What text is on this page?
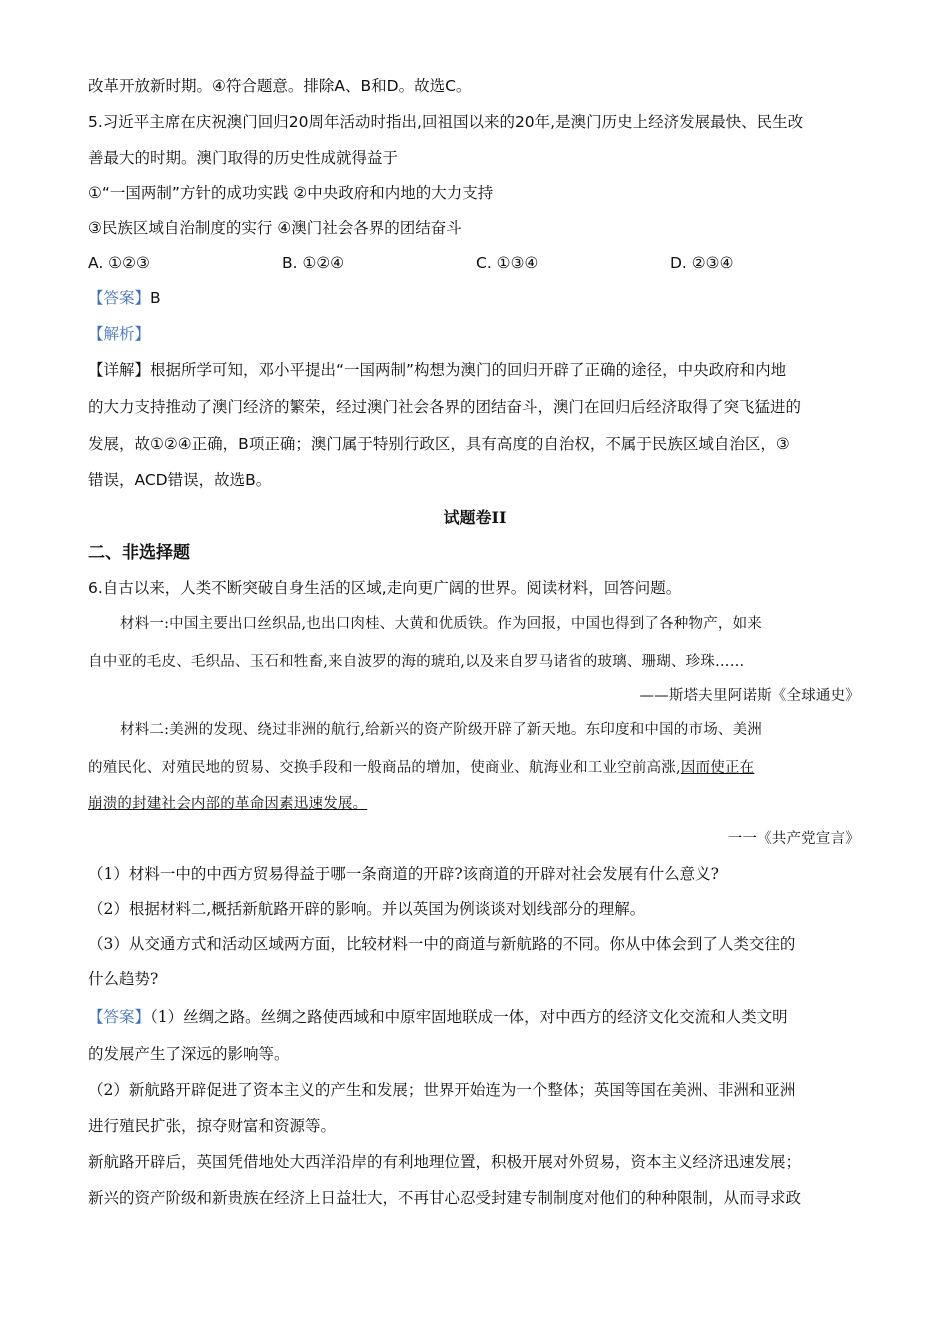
改革开放新时期。④符合题意。排除A、B和D。故选C。
5.习近平主席在庆祝澳门回归20周年活动时指出,回祖国以来的20年,是澳门历史上经济发展最快、民生改
善最大的时期。澳门取得的历史性成就得益于
①“一国两制”方针的成功实践 ②中央政府和内地的大力支持
③民族区域自治制度的实行 ④澳门社会各界的团结奋斗
A. ①②③	B. ①②④	C. ①③④	D. ②③④
【答案】B
【解析】
【详解】根据所学可知，邓小平提出“一国两制”构想为澳门的回归开辟了正确的途径，中央政府和内地
的大力支持推动了澳门经济的繁荣，经过澳门社会各界的团结奋斗，澳门在回归后经济取得了突飞猛进的
发展，故①②④正确，B项正确；澳门属于特别行政区，具有高度的自治权，不属于民族区域自治区，③
错误，ACD错误，故选B。
试题卷II
二、非选择题
6.自古以来，人类不断突破自身生活的区域,走向更广阔的世界。阅读材料，回答问题。
材料一:中国主要出口丝织品,也出口肉桂、大黄和优质铁。作为回报，中国也得到了各种物产，如来
自中亚的毛皮、毛织品、玉石和牲畜,来自波罗的海的琥珀,以及来自罗马诸省的玻璃、珊瑚、珍珠……
——斯塔夫里阿诺斯《全球通史》
材料二:美洲的发现、绕过非洲的航行,给新兴的资产阶级开辟了新天地。东印度和中国的市场、美洲
的殖民化、对殖民地的贸易、交换手段和一般商品的增加，使商业、航海业和工业空前高涨,因而使正在
崩溃的封建社会内部的革命因素迅速发展。
一一《共产党宣言》
（1）材料一中的中西方贸易得益于哪一条商道的开辟?该商道的开辟对社会发展有什么意义?
（2）根据材料二,概括新航路开辟的影响。并以英国为例谈谈对划线部分的理解。
（3）从交通方式和活动区域两方面，比较材料一中的商道与新航路的不同。你从中体会到了人类交往的
什么趋势?
【答案】（1）丝绸之路。丝绸之路使西域和中原牢固地联成一体，对中西方的经济文化交流和人类文明
的发展产生了深远的影响等。
（2）新航路开辟促进了资本主义的产生和发展；世界开始连为一个整体；英国等国在美洲、非洲和亚洲
进行殖民扩张，掠夺财富和资源等。
新航路开辟后，英国凭借地处大西洋沿岸的有利地理位置，积极开展对外贸易，资本主义经济迅速发展；
新兴的资产阶级和新贵族在经济上日益壮大，不再甘心忍受封建专制制度对他们的种种限制，从而寻求政
